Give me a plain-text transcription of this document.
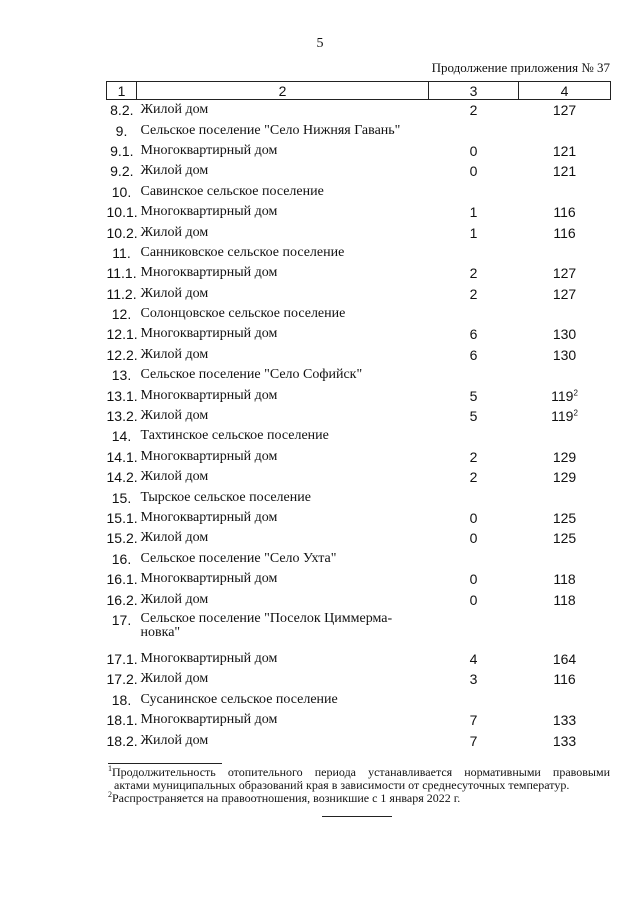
5
Продолжение приложения № 37
1	2	3	4
8.2.	Жилой дом	2	127
9.	Сельское поселение "Село Нижняя Гавань"		
9.1.	Многоквартирный дом	0	121
9.2.	Жилой дом	0	121
10.	Савинское сельское поселение		
10.1.	Многоквартирный дом	1	116
10.2.	Жилой дом	1	116
11.	Санниковское сельское поселение		
11.1.	Многоквартирный дом	2	127
11.2.	Жилой дом	2	127
12.	Солонцовское сельское поселение		
12.1.	Многоквартирный дом	6	130
12.2.	Жилой дом	6	130
13.	Сельское поселение "Село Софийск"		
13.1.	Многоквартирный дом	5	$119^2$
13.2.	Жилой дом	5	$119^2$
14.	Тахтинское сельское поселение		
14.1.	Многоквартирный дом	2	129
14.2.	Жилой дом	2	129
15.	Тырское сельское поселение		
15.1.	Многоквартирный дом	0	125
15.2.	Жилой дом	0	125
16.	Сельское поселение "Село Ухта"		
16.1.	Многоквартирный дом	0	118
16.2.	Жилой дом	0	118
17.	Сельское поселение "Поселок Циммерма-новка"		
17.1.	Многоквартирный дом	4	164
17.2.	Жилой дом	3	116
18.	Сусанинское сельское поселение		
18.1.	Многоквартирный дом	7	133
18.2.	Жилой дом	7	133
$^1$Продолжительность отопительного периода устанавливается нормативными правовыми
актами муниципальных образований края в зависимости от среднесуточных температур.
$^2$Распространяется на правоотношения, возникшие с 1 января 2022 г.
